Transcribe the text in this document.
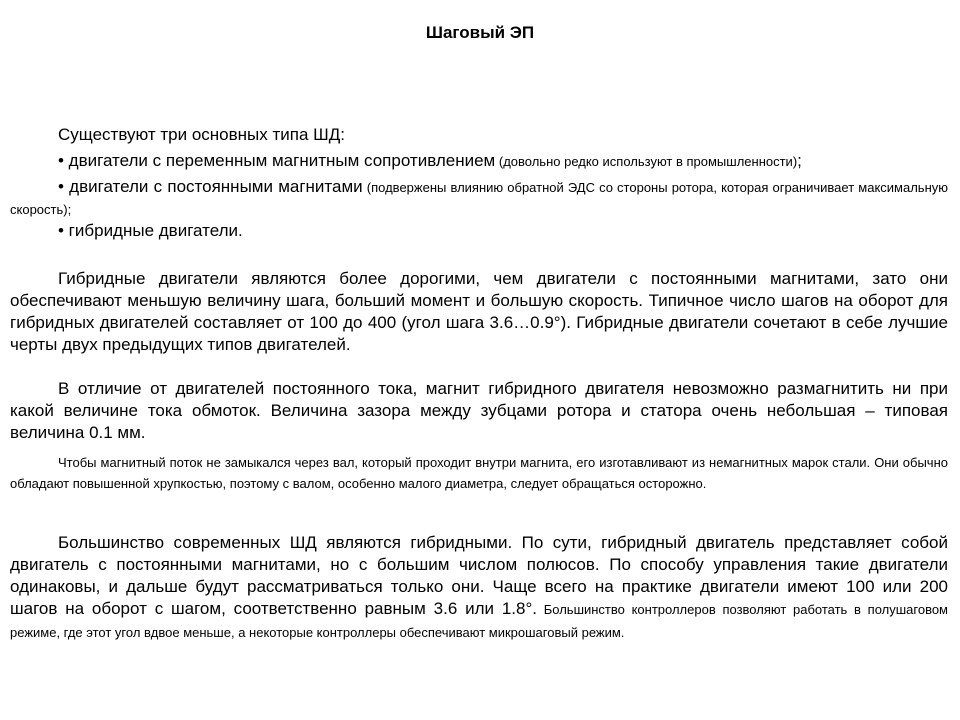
Шаговый ЭП
Существуют три основных типа ШД:
• двигатели с переменным магнитным сопротивлением (довольно редко используют в промышленности);
• двигатели с постоянными магнитами (подвержены влиянию обратной ЭДС со стороны ротора, которая ограничивает максимальную скорость);
• гибридные двигатели.
Гибридные двигатели являются более дорогими, чем двигатели с постоянными магнитами, зато они обеспечивают меньшую величину шага, больший момент и большую скорость. Типичное число шагов на оборот для гибридных двигателей составляет от 100 до 400 (угол шага 3.6…0.9°). Гибридные двигатели сочетают в себе лучшие черты двух предыдущих типов двигателей.
В отличие от двигателей постоянного тока, магнит гибридного двигателя невозможно размагнитить ни при какой величине тока обмоток. Величина зазора между зубцами ротора и статора очень небольшая – типовая величина 0.1 мм.
Чтобы магнитный поток не замыкался через вал, который проходит внутри магнита, его изготавливают из немагнитных марок стали. Они обычно обладают повышенной хрупкостью, поэтому с валом, особенно малого диаметра, следует обращаться осторожно.
Большинство современных ШД являются гибридными. По сути, гибридный двигатель представляет собой двигатель с постоянными магнитами, но с большим числом полюсов. По способу управления такие двигатели одинаковы, и дальше будут рассматриваться только они. Чаще всего на практике двигатели имеют 100 или 200 шагов на оборот с шагом, соответственно равным 3.6 или 1.8°. Большинство контроллеров позволяют работать в полушаговом режиме, где этот угол вдвое меньше, а некоторые контроллеры обеспечивают микрошаговый режим.
